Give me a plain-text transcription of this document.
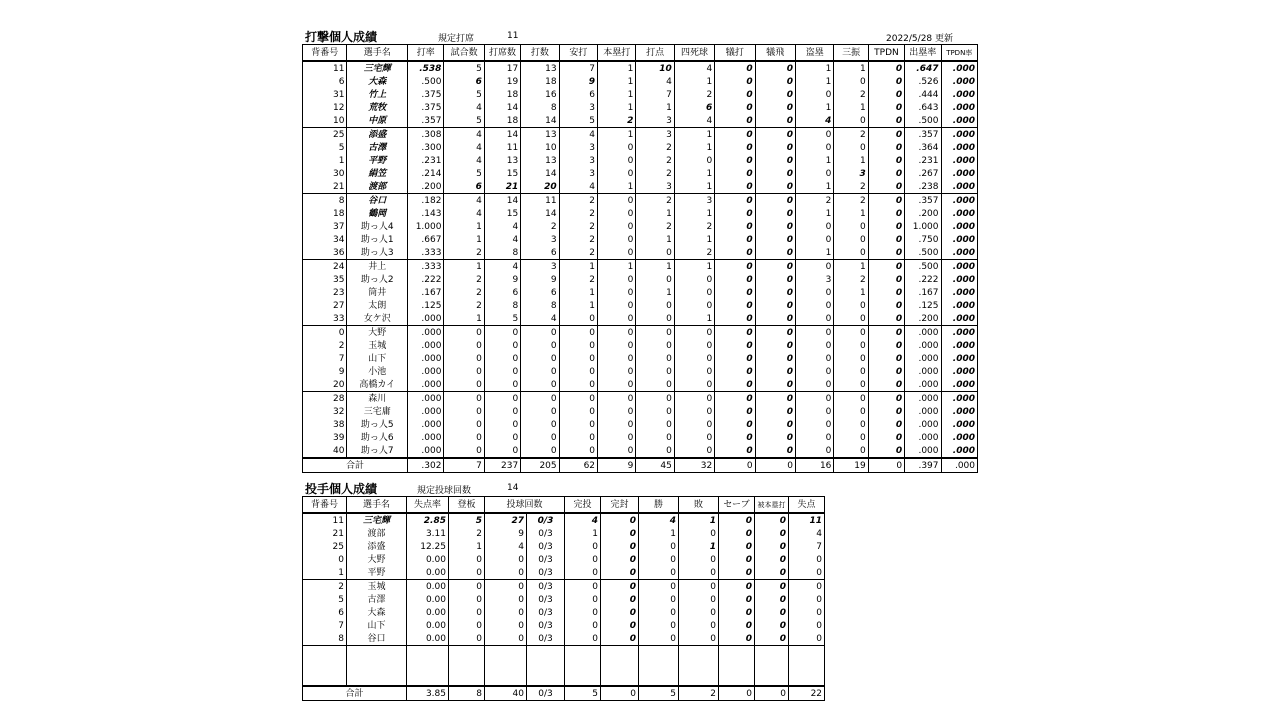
打撃個人成績	規定打席	11	2022/5/28 更新
背番号	選手名	打率	試合数	打席数	打数	安打	本塁打	打点	四死球	犠打	犠飛	盗塁	三振	TPDN	出塁率	TPDN率
11	三宅輝	.538	5	17	13	7	1	10	4	0	0	1	1	0	.647	.000
6	大森	.500	6	19	18	9	1	4	1	0	0	1	0	0	.526	.000
31	竹上	.375	5	18	16	6	1	7	2	0	0	0	2	0	.444	.000
12	荒牧	.375	4	14	8	3	1	1	6	0	0	1	1	0	.643	.000
10	中原	.357	5	18	14	5	2	3	4	0	0	4	0	0	.500	.000
25	添盛	.308	4	14	13	4	1	3	1	0	0	0	2	0	.357	.000
5	古澤	.300	4	11	10	3	0	2	1	0	0	0	0	0	.364	.000
1	平野	.231	4	13	13	3	0	2	0	0	0	1	1	0	.231	.000
30	絹笠	.214	5	15	14	3	0	2	1	0	0	0	3	0	.267	.000
21	渡部	.200	6	21	20	4	1	3	1	0	0	1	2	0	.238	.000
8	谷口	.182	4	14	11	2	0	2	3	0	0	2	2	0	.357	.000
18	鶴岡	.143	4	15	14	2	0	1	1	0	0	1	1	0	.200	.000
37	助っ人4	1.000	1	4	2	2	0	2	2	0	0	0	0	0	1.000	.000
34	助っ人1	.667	1	4	3	2	0	1	1	0	0	0	0	0	.750	.000
36	助っ人3	.333	2	8	6	2	0	0	2	0	0	1	0	0	.500	.000
24	井上	.333	1	4	3	1	1	1	1	0	0	0	1	0	.500	.000
35	助っ人2	.222	2	9	9	2	0	0	0	0	0	3	2	0	.222	.000
23	筒井	.167	2	6	6	1	0	1	0	0	0	0	1	0	.167	.000
27	太朗	.125	2	8	8	1	0	0	0	0	0	0	0	0	.125	.000
33	女ケ沢	.000	1	5	4	0	0	0	1	0	0	0	0	0	.200	.000
0	大野	.000	0	0	0	0	0	0	0	0	0	0	0	0	.000	.000
2	玉城	.000	0	0	0	0	0	0	0	0	0	0	0	0	.000	.000
7	山下	.000	0	0	0	0	0	0	0	0	0	0	0	0	.000	.000
9	小池	.000	0	0	0	0	0	0	0	0	0	0	0	0	.000	.000
20	高橋カイ	.000	0	0	0	0	0	0	0	0	0	0	0	0	.000	.000
28	森川	.000	0	0	0	0	0	0	0	0	0	0	0	0	.000	.000
32	三宅庸	.000	0	0	0	0	0	0	0	0	0	0	0	0	.000	.000
38	助っ人5	.000	0	0	0	0	0	0	0	0	0	0	0	0	.000	.000
39	助っ人6	.000	0	0	0	0	0	0	0	0	0	0	0	0	.000	.000
40	助っ人7	.000	0	0	0	0	0	0	0	0	0	0	0	0	.000	.000
合計		.302	7	237	205	62	9	45	32	0	0	16	19	0	.397	.000
投手個人成績	規定投球回数	14
背番号	選手名	失点率	登板	投球回数		完投	完封	勝	敗	セーブ	被本塁打	失点
11	三宅輝	2.85	5	27	0/3	4	0	4	1	0	0	11
21	渡部	3.11	2	9	0/3	1	0	1	0	0	0	4
25	添盛	12.25	1	4	0/3	0	0	0	1	0	0	7
0	大野	0.00	0	0	0/3	0	0	0	0	0	0	0
1	平野	0.00	0	0	0/3	0	0	0	0	0	0	0
2	玉城	0.00	0	0	0/3	0	0	0	0	0	0	0
5	古澤	0.00	0	0	0/3	0	0	0	0	0	0	0
6	大森	0.00	0	0	0/3	0	0	0	0	0	0	0
7	山下	0.00	0	0	0/3	0	0	0	0	0	0	0
8	谷口	0.00	0	0	0/3	0	0	0	0	0	0	0

合計		3.85	8	40	0/3	5	0	5	2	0	0	22
